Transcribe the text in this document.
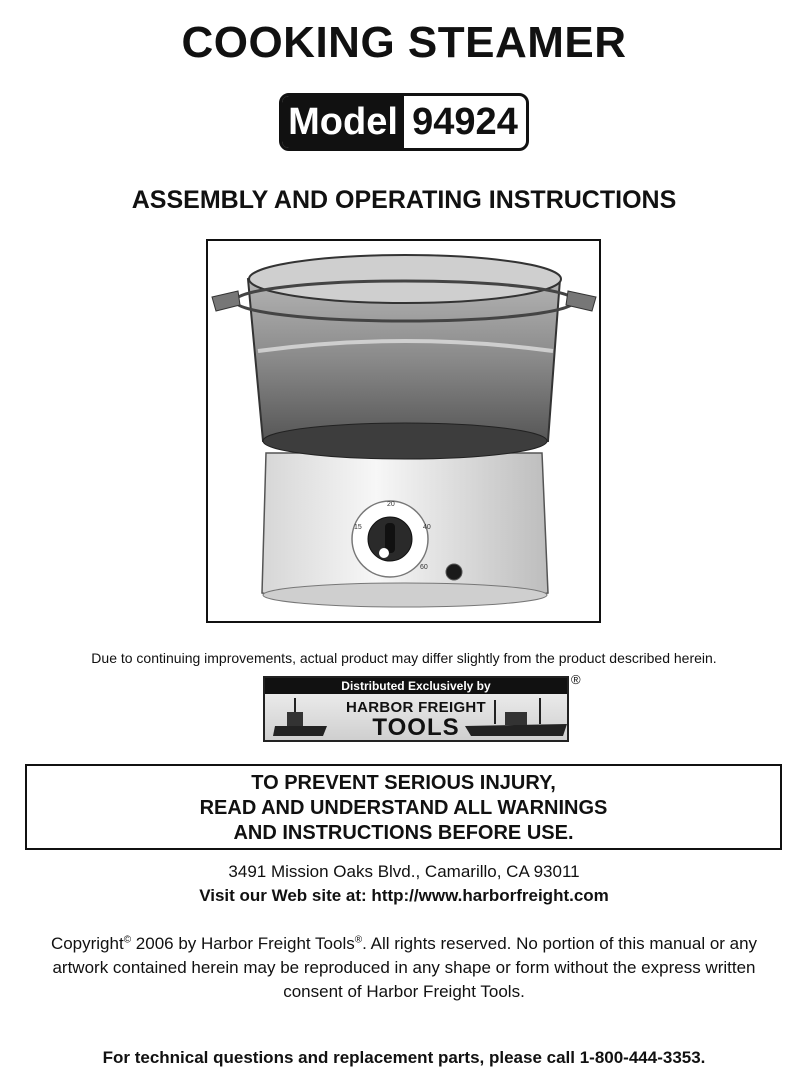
COOKING STEAMER
Model 94924
ASSEMBLY AND OPERATING INSTRUCTIONS
20
40
60
15
Due to continuing improvements, actual product may differ slightly from the product described herein.
Distributed Exclusively by
HARBOR FREIGHT
TOOLS
®
TO PREVENT SERIOUS INJURY,
READ AND UNDERSTAND ALL WARNINGS
AND INSTRUCTIONS BEFORE USE.
3491 Mission Oaks Blvd., Camarillo, CA 93011
Visit our Web site at: http://www.harborfreight.com
Copyright© 2006 by Harbor Freight Tools®. All rights reserved. No portion of this manual or any artwork contained herein may be reproduced in any shape or form without the express written consent of Harbor Freight Tools.
For technical questions and replacement parts, please call 1-800-444-3353.
